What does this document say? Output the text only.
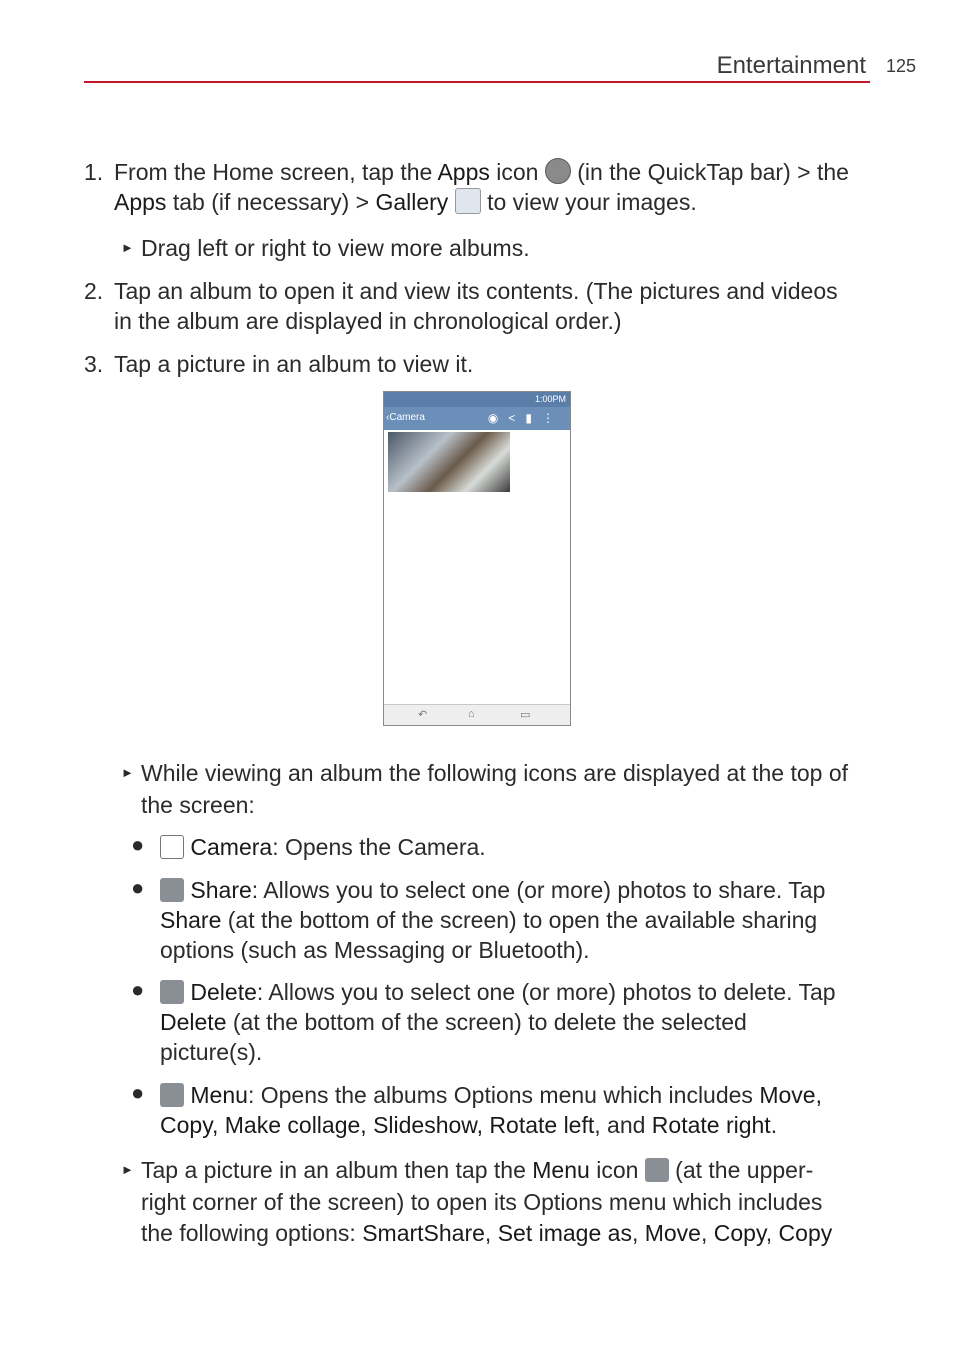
Entertainment 125
1. From the Home screen, tap the Apps icon  (in the QuickTap bar) > the
Apps tab (if necessary) > Gallery  to view your images.
► Drag left or right to view more albums.
2. Tap an album to open it and view its contents. (The pictures and videos
in the album are displayed in chronological order.)
3. Tap a picture in an album to view it.
1:00PM
‹Camera	◉<▮⋮
↶	⌂	▭
► While viewing an album the following icons are displayed at the top of
the screen:
●	Camera: Opens the Camera.
●	Share: Allows you to select one (or more) photos to share. Tap
Share (at the bottom of the screen) to open the available sharing
options (such as Messaging or Bluetooth).
●	Delete: Allows you to select one (or more) photos to delete. Tap
Delete (at the bottom of the screen) to delete the selected
picture(s).
●	Menu: Opens the albums Options menu which includes Move,
Copy, Make collage, Slideshow, Rotate left, and Rotate right.
► Tap a picture in an album then tap the Menu icon  (at the upper-
right corner of the screen) to open its Options menu which includes
the following options: SmartShare, Set image as, Move, Copy, Copy
